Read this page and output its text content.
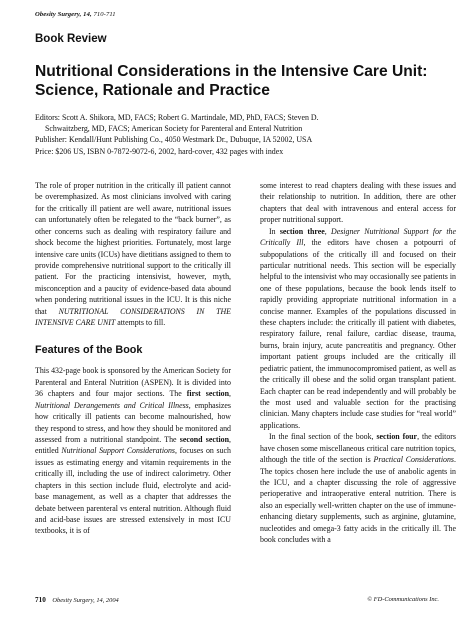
Obesity Surgery, 14, 710-711
Book Review
Nutritional Considerations in the Intensive Care Unit: Science, Rationale and Practice
Editors: Scott A. Shikora, MD, FACS; Robert G. Martindale, MD, PhD, FACS; Steven D.
Schwaitzberg, MD, FACS; American Society for Parenteral and Enteral Nutrition
Publisher: Kendall/Hunt Publishing Co., 4050 Westmark Dr., Dubuque, IA 52002, USA
Price: $206 US, ISBN 0-7872-9072-6, 2002, hard-cover, 432 pages with index

The role of proper nutrition in the critically ill patient cannot be overemphasized. As most clinicians involved with caring for the critically ill patient are well aware, nutritional issues can unfortunately often be relegated to the “back burner”, as other concerns such as dealing with respiratory failure and shock become the highest priorities. Fortunately, most large intensive care units (ICUs) have dietitians assigned to them to provide comprehensive nutritional support to the critically ill patient. For the practicing intensivist, however, myth, misconception and a paucity of evidence-based data abound when pondering nutritional issues in the ICU. It is this niche that NUTRITIONAL CONSIDERATIONS IN THE INTENSIVE CARE UNIT attempts to fill.

Features of the Book

This 432-page book is sponsored by the American Society for Parenteral and Enteral Nutrition (ASPEN). It is divided into 36 chapters and four major sections. The first section, Nutritional Derangements and Critical Illness, emphasizes how critically ill patients can become malnourished, how they respond to stress, and how they should be monitored and assessed from a nutritional standpoint. The second section, entitled Nutritional Support Considerations, focuses on such issues as estimating energy and vitamin requirements in the critically ill, including the use of indirect calorimetry. Other chapters in this section include fluid, electrolyte and acid-base management, as well as a chapter that addresses the debate between parenteral vs enteral nutrition. Although fluid and acid-base issues are stressed extensively in most ICU textbooks, it is of

some interest to read chapters dealing with these issues and their relationship to nutrition. In addition, there are other chapters that deal with intravenous and enteral access for proper nutritional support.

In section three, Designer Nutritional Support for the Critically Ill, the editors have chosen a potpourri of subpopulations of the critically ill and focused on their particular nutritional needs. This section will be especially helpful to the intensivist who may occasionally see patients in one of these populations, because the book lends itself to rapidly providing appropriate nutritional information in a concise manner. Examples of the populations discussed in these chapters include: the critically ill patient with diabetes, respiratory failure, renal failure, cardiac disease, trauma, burns, brain injury, acute pancreatitis and pregnancy. Other important patient groups included are the critically ill pediatric patient, the immunocompromised patient, as well as the critically ill obese and the solid organ transplant patient. Each chapter can be read independently and will probably be the most used and valuable section for the practising clinician. Many chapters include case studies for “real world” applications.

In the final section of the book, section four, the editors have chosen some miscellaneous critical care nutrition topics, although the title of the section is Practical Considerations. The topics chosen here include the use of anabolic agents in the ICU, and a chapter discussing the role of aggressive perioperative and intraoperative enteral nutrition. There is also an especially well-written chapter on the use of immune-enhancing dietary supplements, such as arginine, glutamine, nucleotides and omega-3 fatty acids in the critically ill. The book concludes with a

710 Obesity Surgery, 14, 2004	© FD-Communications Inc.
